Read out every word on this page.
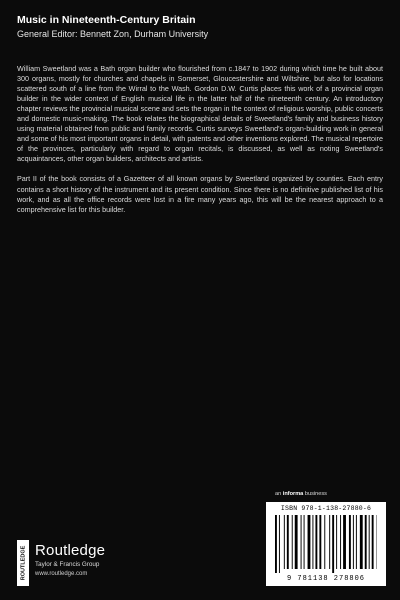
Music in Nineteenth-Century Britain
General Editor: Bennett Zon, Durham University

William Sweetland was a Bath organ builder who flourished from c.1847 to 1902 during which time he built about 300 organs, mostly for churches and chapels in Somerset, Gloucestershire and Wiltshire, but also for locations scattered south of a line from the Wirral to the Wash. Gordon D.W. Curtis places this work of a provincial organ builder in the wider context of English musical life in the latter half of the nineteenth century. An introductory chapter reviews the provincial musical scene and sets the organ in the context of religious worship, public concerts and domestic music-making. The book relates the biographical details of Sweetland's family and business history using material obtained from public and family records. Curtis surveys Sweetland's organ-building work in general and some of his most important organs in detail, with patents and other inventions explored. The musical repertoire of the provinces, particularly with regard to organ recitals, is discussed, as well as noting Sweetland's acquaintances, other organ builders, architects and artists.

Part II of the book consists of a Gazetteer of all known organs by Sweetland organized by counties. Each entry contains a short history of the instrument and its present condition. Since there is no definitive published list of his work, and as all the office records were lost in a fire many years ago, this will be the nearest approach to a comprehensive list for this builder.

an informa business
ROUTLEDGE Routledge
Taylor & Francis Group
www.routledge.com
ISBN 978-1-138-27880-6
9 781138 278806
